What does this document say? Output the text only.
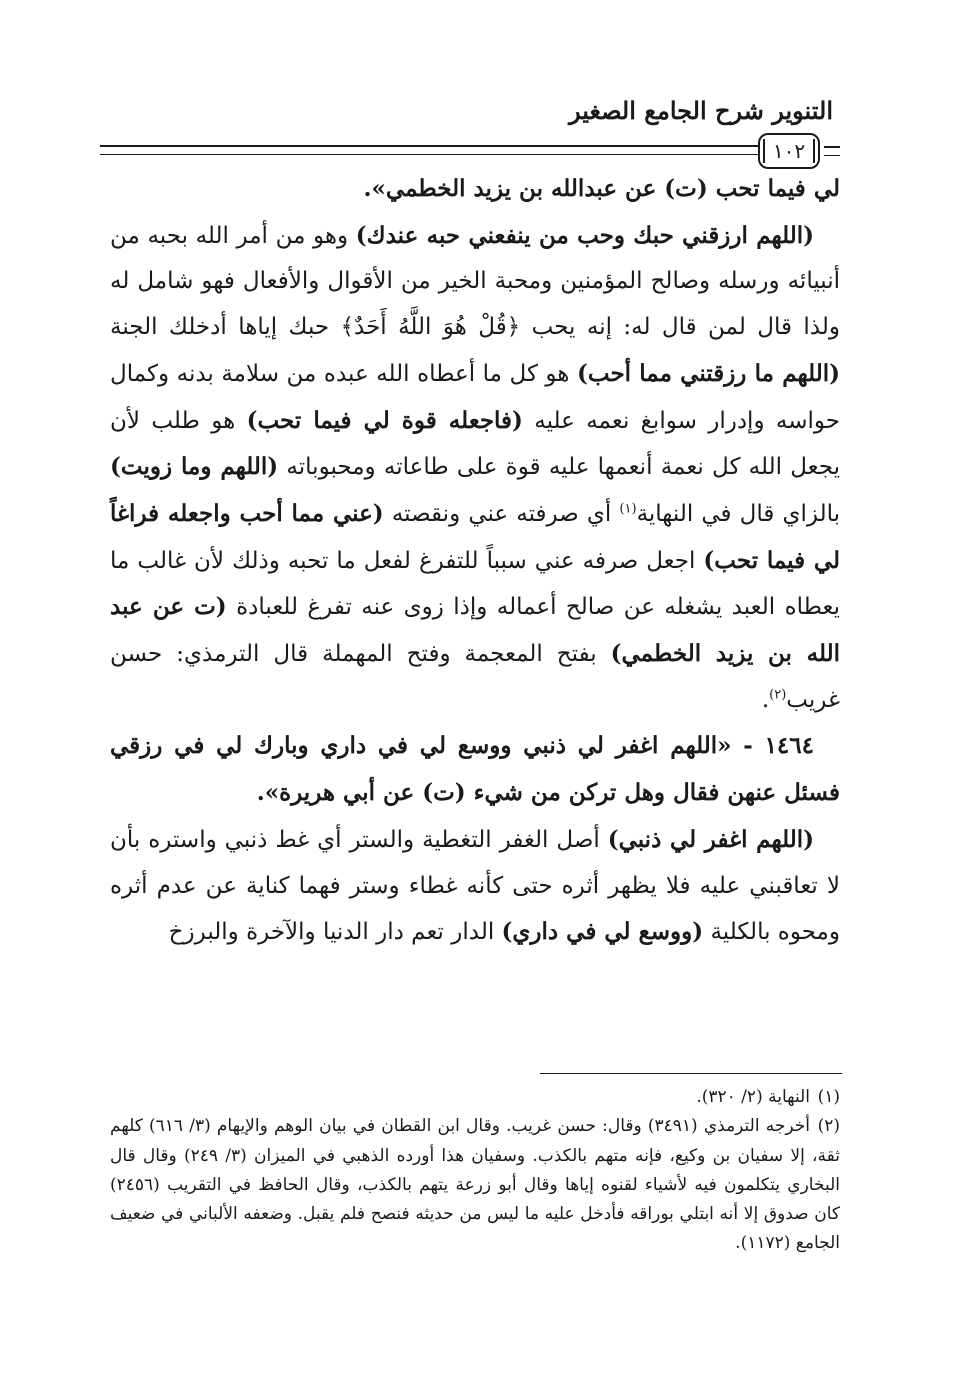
التنوير شرح الجامع الصغير
١٠٢

لي فيما تحب (ت) عن عبدالله بن يزيد الخطمي».

(اللهم ارزقني حبك وحب من ينفعني حبه عندك) وهو من أمر الله بحبه من أنبيائه ورسله وصالح المؤمنين ومحبة الخير من الأقوال والأفعال فهو شامل له ولذا قال لمن قال له: إنه يحب ﴿قُلْ هُوَ اللَّهُ أَحَدٌ﴾ حبك إياها أدخلك الجنة (اللهم ما رزقتني مما أحب) هو كل ما أعطاه الله عبده من سلامة بدنه وكمال حواسه وإدرار سوابغ نعمه عليه (فاجعله قوة لي فيما تحب) هو طلب لأن يجعل الله كل نعمة أنعمها عليه قوة على طاعاته ومحبوباته (اللهم وما زويت) بالزاي قال في النهاية$^{(١)}$ أي صرفته عني ونقصته (عني مما أحب واجعله فراغاً لي فيما تحب) اجعل صرفه عني سبباً للتفرغ لفعل ما تحبه وذلك لأن غالب ما يعطاه العبد يشغله عن صالح أعماله وإذا زوى عنه تفرغ للعبادة (ت عن عبد الله بن يزيد الخطمي) بفتح المعجمة وفتح المهملة قال الترمذي: حسن غريب$^{(٢)}$.

١٤٦٤ - «اللهم اغفر لي ذنبي ووسع لي في داري وبارك لي في رزقي فسئل عنهن فقال وهل تركن من شيء (ت) عن أبي هريرة».

(اللهم اغفر لي ذنبي) أصل الغفر التغطية والستر أي غط ذنبي واستره بأن لا تعاقبني عليه فلا يظهر أثره حتى كأنه غطاء وستر فهما كناية عن عدم أثره ومحوه بالكلية (ووسع لي في داري) الدار تعم دار الدنيا والآخرة والبرزخ

(١)النهاية (٢/ ٣٢٠).

(٢)أخرجه الترمذي (٣٤٩١) وقال: حسن غريب. وقال ابن القطان في بيان الوهم والإيهام (٣/ ٦١٦) كلهم ثقة، إلا سفيان بن وكيع، فإنه متهم بالكذب. وسفيان هذا أورده الذهبي في الميزان (٣/ ٢٤٩) وقال قال البخاري يتكلمون فيه لأشياء لقنوه إياها وقال أبو زرعة يتهم بالكذب، وقال الحافظ في التقريب (٢٤٥٦) كان صدوق إلا أنه ابتلي بوراقه فأدخل عليه ما ليس من حديثه فنصح فلم يقبل. وضعفه الألباني في ضعيف الجامع (١١٧٢).
